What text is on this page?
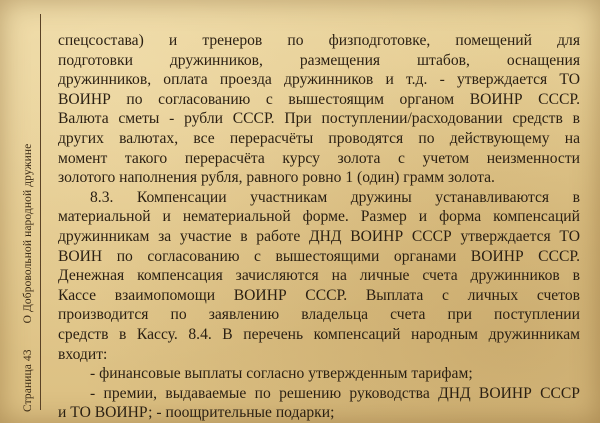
Страница 43О Добровольной народной дружине

спецсостава) и тренеров по физподготовке, помещений для

подготовки дружинников, размещения штабов, оснащения

дружинников, оплата проезда дружинников и т.д. - утверждается ТО

ВОИНР по согласованию с вышестоящим органом ВОИНР СССР.

Валюта сметы - рубли СССР. При поступлении/расходовании средств в

других валютах, все перерасчёты проводятся по действующему на

момент такого перерасчёта курсу золота с учетом неизменности

золотого наполнения рубля, равного ровно 1 (один) грамм золота.

8.3. Компенсации участникам дружины устанавливаются в

материальной и нематериальной форме. Размер и форма компенсаций

дружинникам за участие в работе ДНД ВОИНР СССР утверждается ТО

ВОИН по согласованию с вышестоящими органами ВОИНР СССР.

Денежная компенсация зачисляются на личные счета дружинников в

Кассе взаимопомощи ВОИНР СССР. Выплата с личных счетов

производится по заявлению владельца счета при поступлении

средств в Кассу. 8.4. В перечень компенсаций народным дружинникам

входит:

- финансовые выплаты согласно утвержденным тарифам;

- премии, выдаваемые по решению руководства ДНД ВОИНР СССР

и ТО ВОИНР; - поощрительные подарки;
